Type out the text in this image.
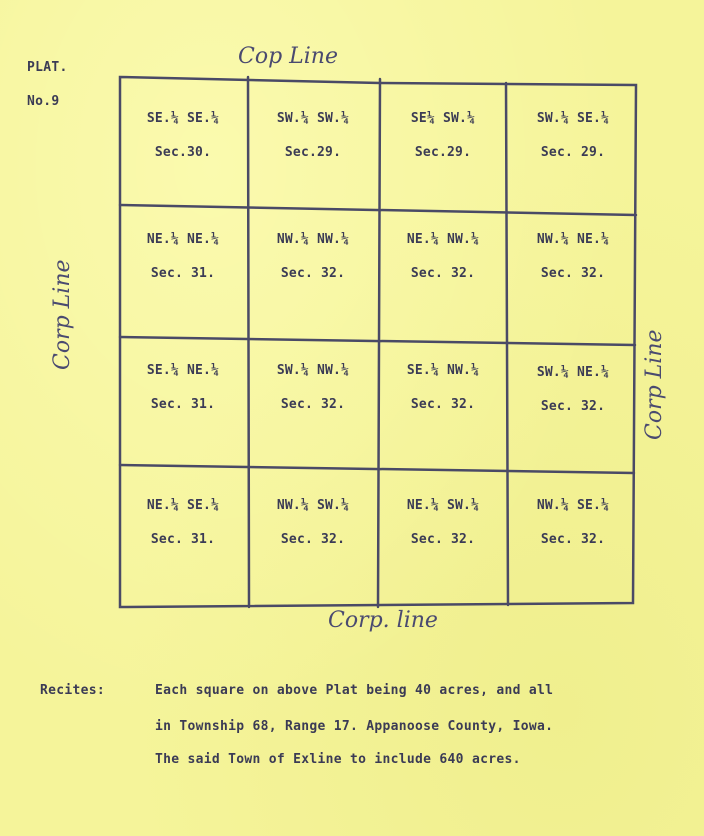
PLAT.
No.9
Cop Line
Corp Line
Corp Line
Corp. line
SE.¼ SE.¼
Sec.30.
SW.¼ SW.¼
Sec.29.
SE¼ SW.¼
Sec.29.
SW.¼ SE.¼
Sec. 29.
NE.¼ NE.¼
Sec. 31.
NW.¼ NW.¼
Sec. 32.
NE.¼ NW.¼
Sec. 32.
NW.¼ NE.¼
Sec. 32.
SE.¼ NE.¼
Sec. 31.
SW.¼ NW.¼
Sec. 32.
SE.¼ NW.¼
Sec. 32.
SW.¼ NE.¼
Sec. 32.
NE.¼ SE.¼
Sec. 31.
NW.¼ SW.¼
Sec. 32.
NE.¼ SW.¼
Sec. 32.
NW.¼ SE.¼
Sec. 32.
Recites:	Each square on above Plat being 40 acres, and all
in Township 68, Range 17. Appanoose County, Iowa.
The said Town of Exline to include 640 acres.
